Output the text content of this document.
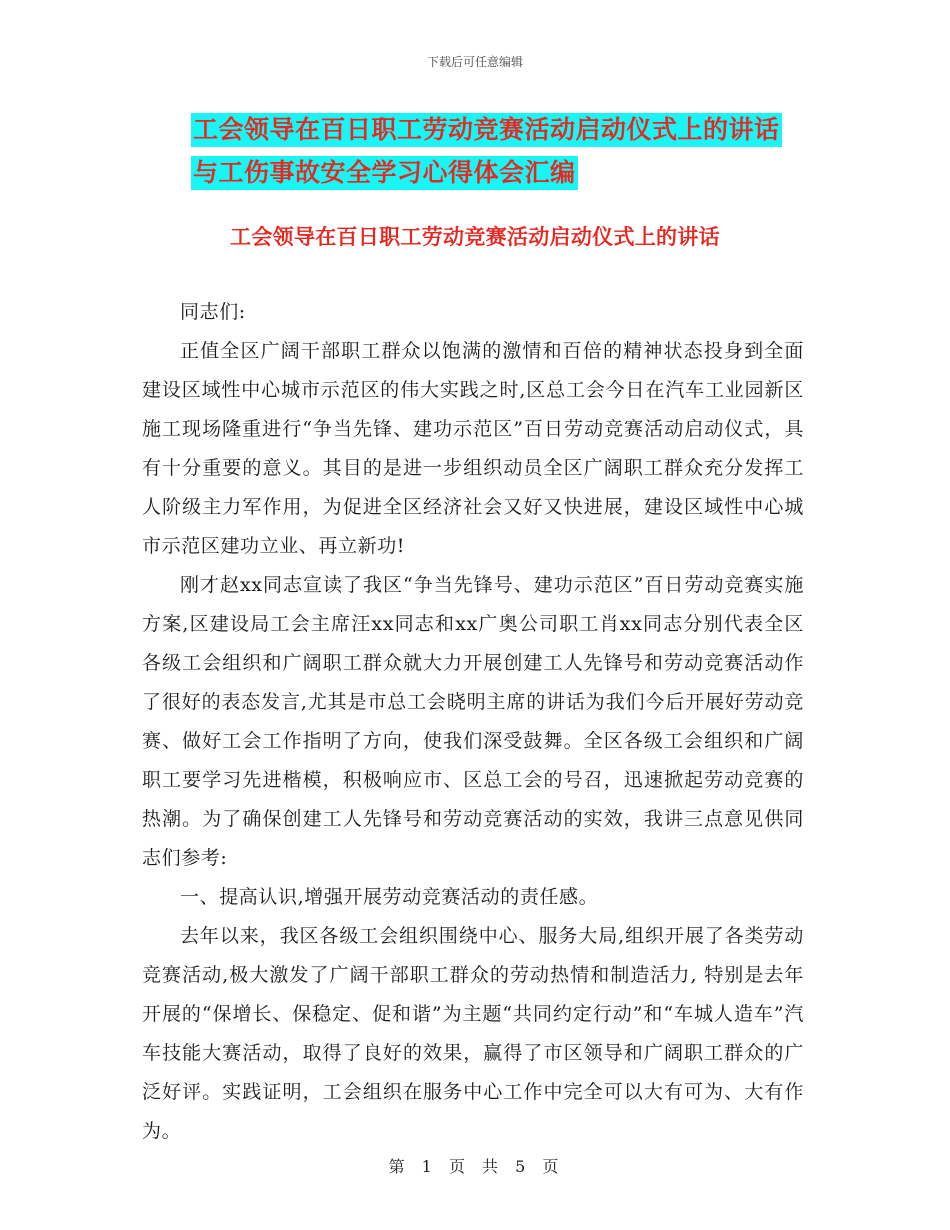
下载后可任意编辑
工会领导在百日职工劳动竞赛活动启动仪式上的讲话
与工伤事故安全学习心得体会汇编
工会领导在百日职工劳动竞赛活动启动仪式上的讲话

同志们:

正值全区广阔干部职工群众以饱满的激情和百倍的精神状态投身到全面建设区域性中心城市示范区的伟大实践之时,区总工会今日在汽车工业园新区施工现场隆重进行“争当先锋、建功示范区”百日劳动竞赛活动启动仪式，具有十分重要的意义。其目的是进一步组织动员全区广阔职工群众充分发挥工人阶级主力军作用，为促进全区经济社会又好又快进展，建设区域性中心城市示范区建功立业、再立新功!

刚才赵xx同志宣读了我区“争当先锋号、建功示范区”百日劳动竞赛实施方案,区建设局工会主席汪xx同志和xx广奥公司职工肖xx同志分别代表全区各级工会组织和广阔职工群众就大力开展创建工人先锋号和劳动竞赛活动作了很好的表态发言,尤其是市总工会晓明主席的讲话为我们今后开展好劳动竞赛、做好工会工作指明了方向，使我们深受鼓舞。全区各级工会组织和广阔职工要学习先进楷模，积极响应市、区总工会的号召，迅速掀起劳动竞赛的热潮。为了确保创建工人先锋号和劳动竞赛活动的实效，我讲三点意见供同志们参考:

一、提高认识,增强开展劳动竞赛活动的责任感。

去年以来，我区各级工会组织围绕中心、服务大局,组织开展了各类劳动竞赛活动,极大激发了广阔干部职工群众的劳动热情和制造活力, 特别是去年开展的“保增长、保稳定、促和谐”为主题“共同约定行动”和“车城人造车”汽车技能大赛活动，取得了良好的效果，赢得了市区领导和广阔职工群众的广泛好评。实践证明，工会组织在服务中心工作中完全可以大有可为、大有作为。

第 1 页 共 5 页
